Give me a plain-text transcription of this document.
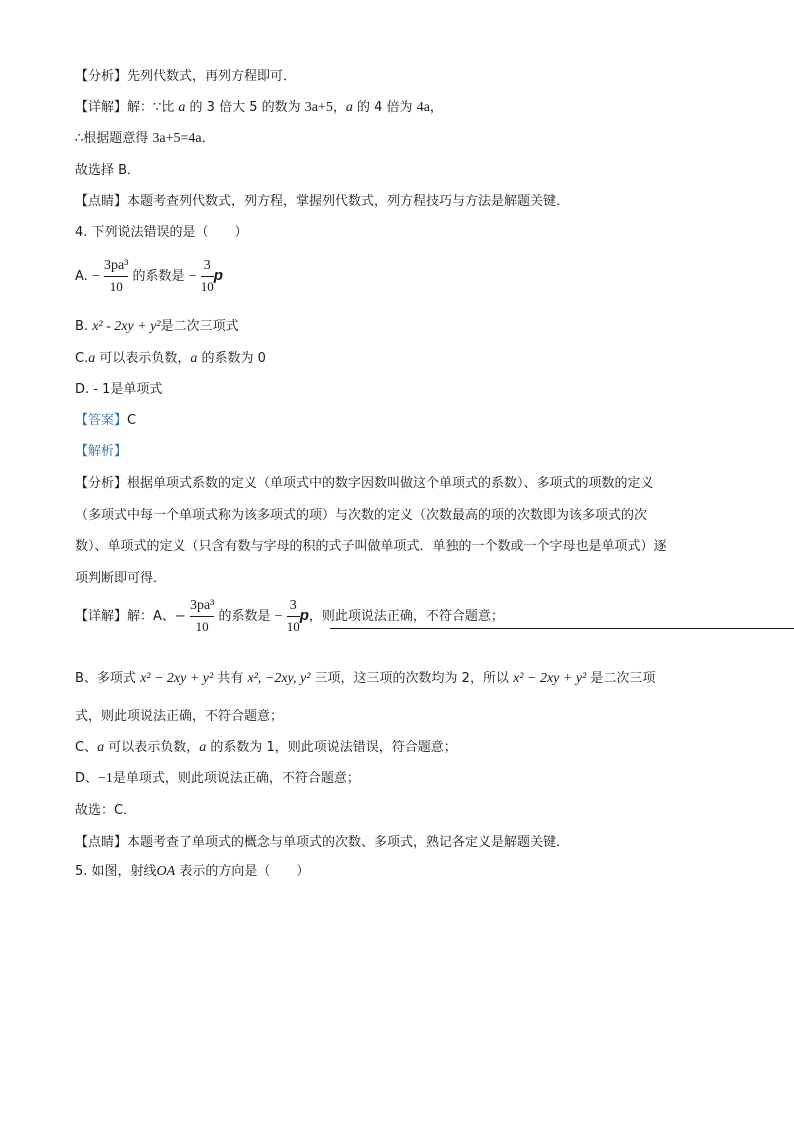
【分析】先列代数式，再列方程即可．
【详解】解：∵比 a 的 3 倍大 5 的数为 3a+5，a 的 4 倍为 4a，
∴根据题意得 3a+5=4a．
故选择 B．
【点睛】本题考查列代数式，列方程，掌握列代数式，列方程技巧与方法是解题关键．
4. 下列说法错误的是（　　）
A. − $\frac{\text{3pa³}}{10}$ 的系数是 − $\frac{3}{10}$ p
B. x² - 2xy + y²是二次三项式
C.a 可以表示负数，a 的系数为 0
D. - 1是单项式
【答案】C
【解析】
【分析】根据单项式系数的定义（单项式中的数字因数叫做这个单项式的系数）、多项式的项数的定义
（多项式中每一个单项式称为该多项式的项）与次数的定义（次数最高的项的次数即为该多项式的次
数）、单项式的定义（只含有数与字母的积的式子叫做单项式．单独的一个数或一个字母也是单项式）逐
项判断即可得．
【详解】解：A、− $\frac{\text{3pa³}}{10}$ 的系数是 − $\frac{3}{10}$ p，则此项说法正确，不符合题意；
B、多项式 x² − 2xy + y² 共有 x², −2xy, y² 三项，这三项的次数均为 2，所以 x² − 2xy + y² 是二次三项
式，则此项说法正确，不符合题意；
C、a 可以表示负数，a 的系数为 1，则此项说法错误，符合题意；
D、−1是单项式，则此项说法正确，不符合题意；
故选：C．
【点睛】本题考查了单项式的概念与单项式的次数、多项式，熟记各定义是解题关键．
5. 如图，射线OA 表示的方向是（　　）
